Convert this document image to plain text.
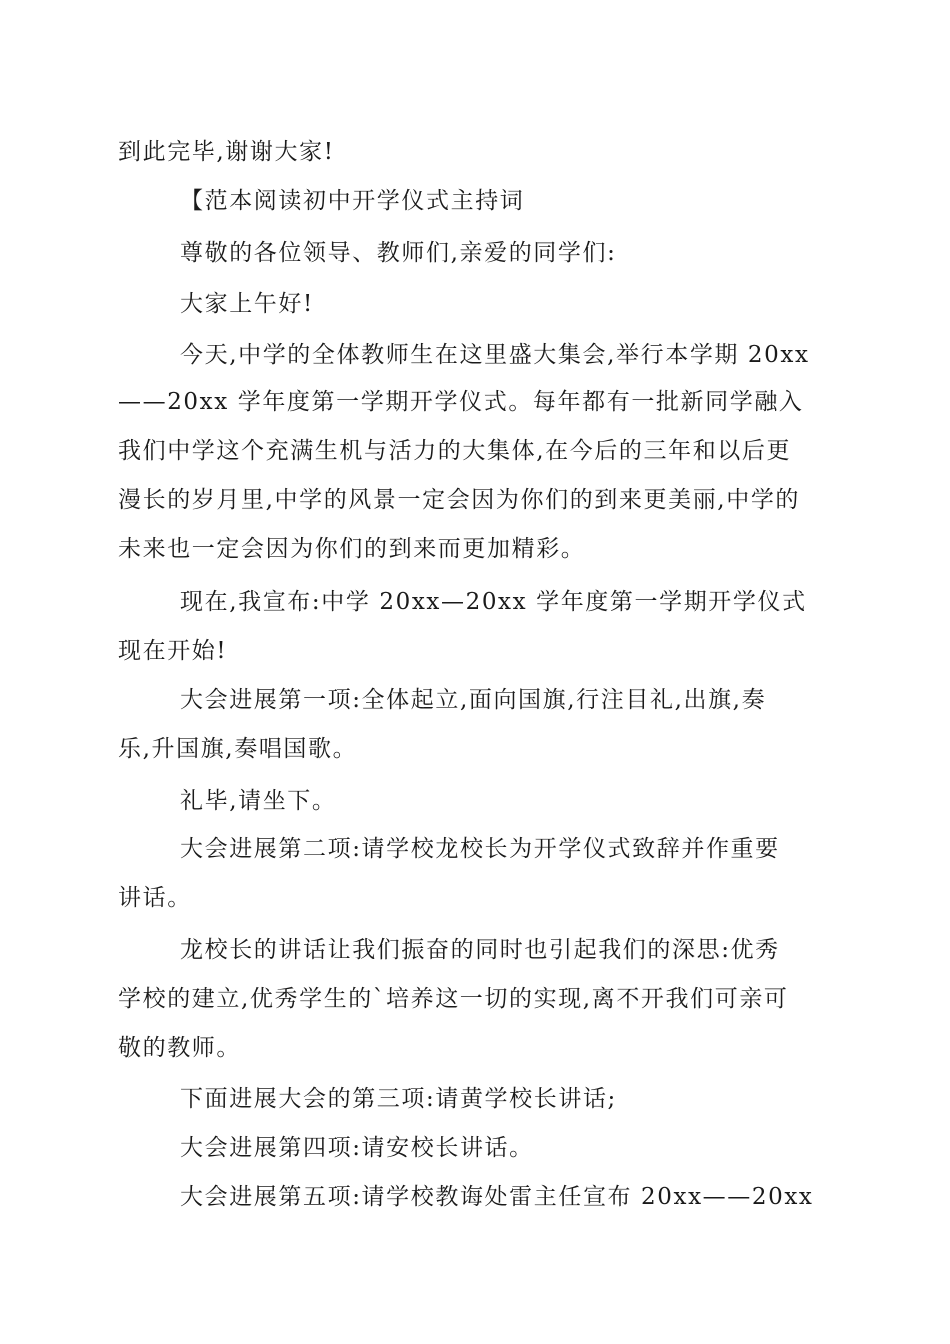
到此完毕,谢谢大家!
【范本阅读初中开学仪式主持词
尊敬的各位领导、教师们,亲爱的同学们:
大家上午好!
今天,中学的全体教师生在这里盛大集会,举行本学期 20xx
——20xx 学年度第一学期开学仪式。每年都有一批新同学融入
我们中学这个充满生机与活力的大集体,在今后的三年和以后更
漫长的岁月里,中学的风景一定会因为你们的到来更美丽,中学的
未来也一定会因为你们的到来而更加精彩。
现在,我宣布:中学 20xx—20xx 学年度第一学期开学仪式
现在开始!
大会进展第一项:全体起立,面向国旗,行注目礼,出旗,奏
乐,升国旗,奏唱国歌。
礼毕,请坐下。
大会进展第二项:请学校龙校长为开学仪式致辞并作重要
讲话。
龙校长的讲话让我们振奋的同时也引起我们的深思:优秀
学校的建立,优秀学生的`培养这一切的实现,离不开我们可亲可
敬的教师。
下面进展大会的第三项:请黄学校长讲话;
大会进展第四项:请安校长讲话。
大会进展第五项:请学校教诲处雷主任宣布 20xx——20xx
